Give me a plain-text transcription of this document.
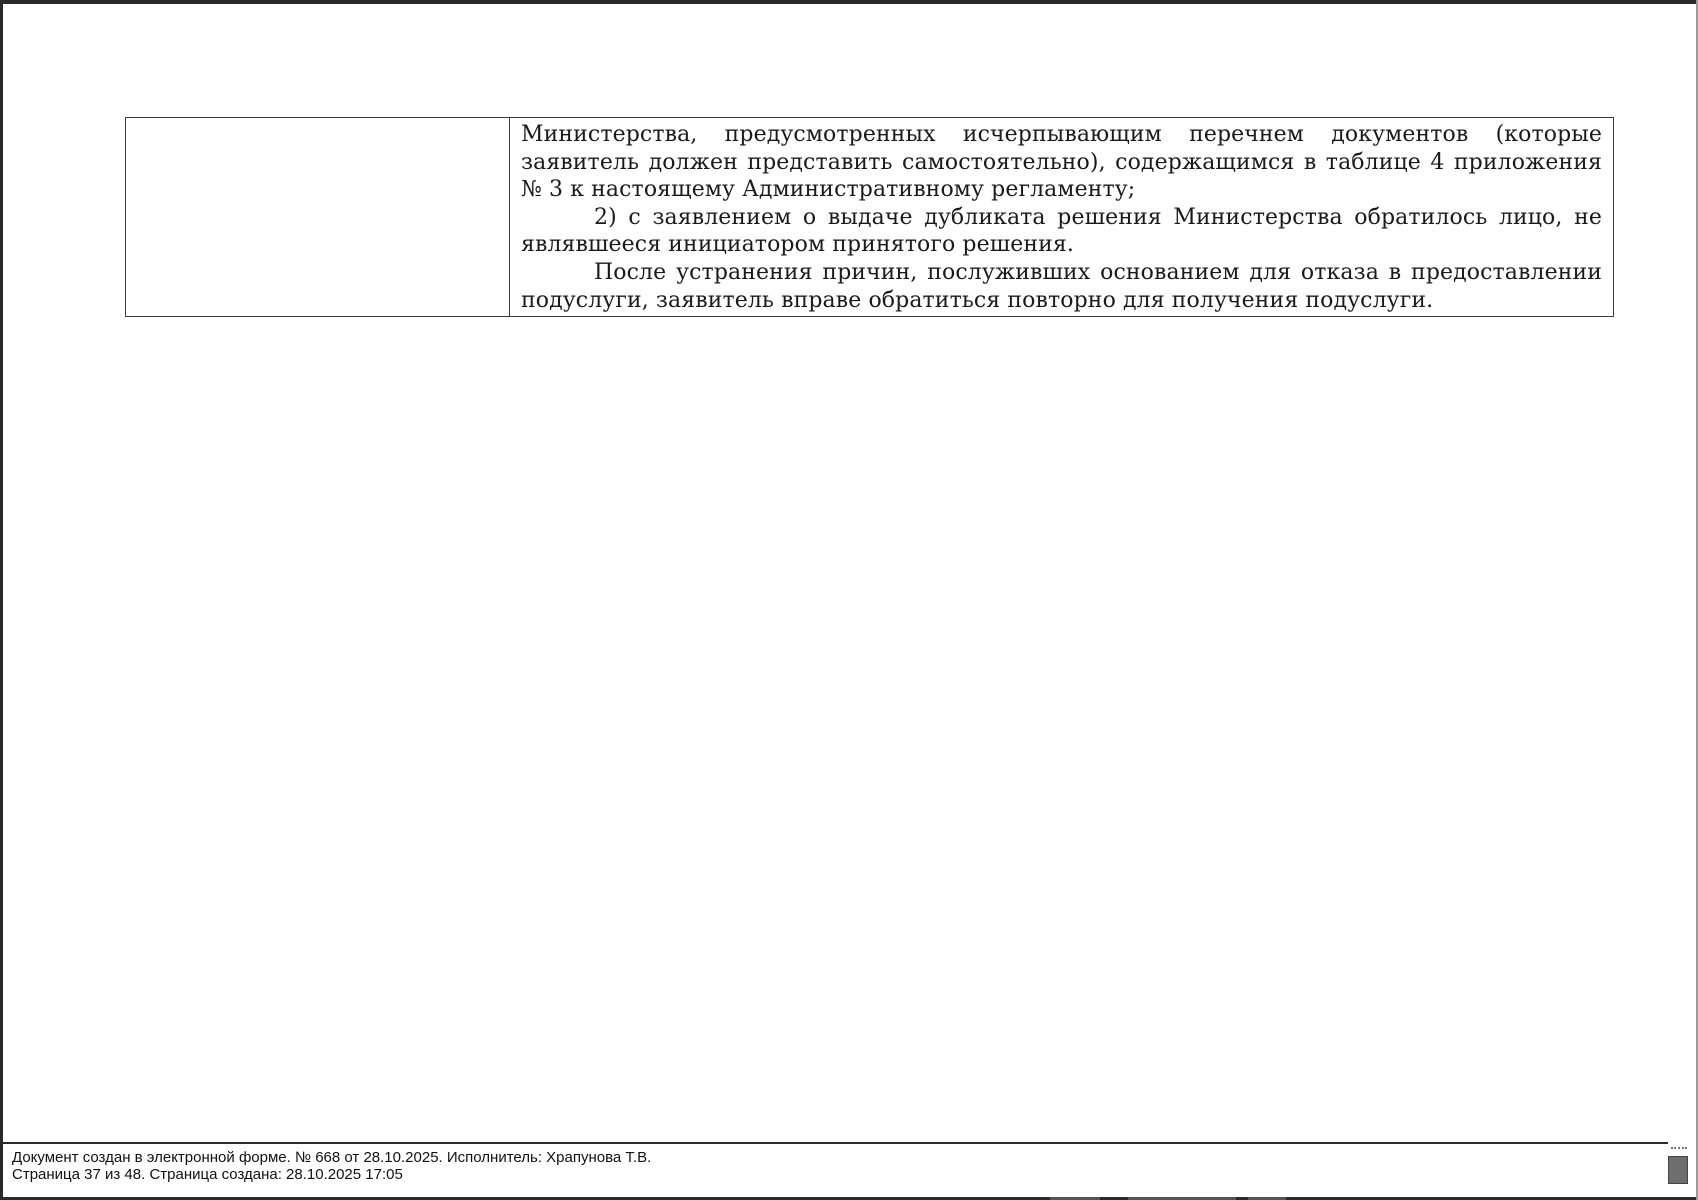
Министерства, предусмотренных исчерпывающим перечнем документов (которые заявитель должен представить самостоятельно), содержащимся в таблице 4 приложения № 3 к настоящему Административному регламенту;

2) с заявлением о выдаче дубликата решения Министерства обратилось лицо, не являвшееся инициатором принятого решения.

После устранения причин, послуживших основанием для отказа в предоставлении подуслуги, заявитель вправе обратиться повторно для получения подуслуги.

Документ создан в электронной форме. № 668 от 28.10.2025. Исполнитель: Храпунова Т.В.
Страница 37 из 48. Страница создана: 28.10.2025 17:05
